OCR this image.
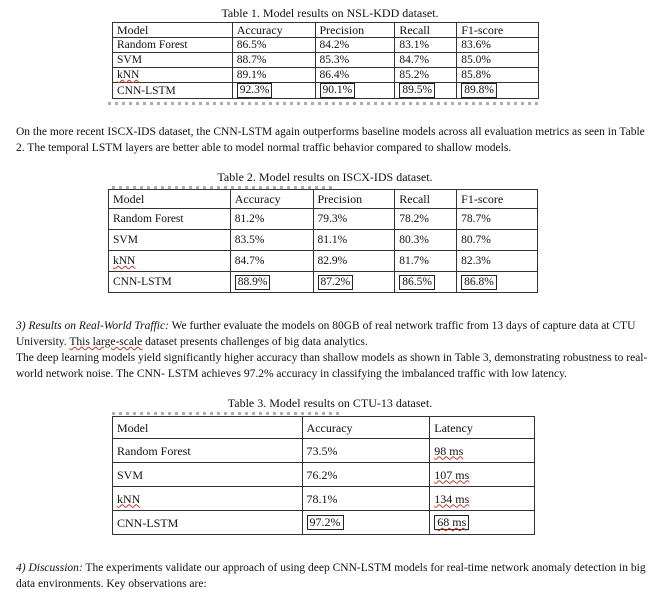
Table 1. Model results on NSL-KDD dataset.
Model	Accuracy	Precision	Recall	F1-score
Random Forest	86.5%	84.2%	83.1%	83.6%
SVM	88.7%	85.3%	84.7%	85.0%
kNN	89.1%	86.4%	85.2%	85.8%
CNN-LSTM	92.3%	90.1%	89.5%	89.8%

On the more recent ISCX-IDS dataset, the CNN-LSTM again outperforms baseline models across all evaluation metrics as seen in Table 2. The temporal LSTM layers are better able to model normal traffic behavior compared to shallow models.

Table 2. Model results on ISCX-IDS dataset.
Model	Accuracy	Precision	Recall	F1-score
Random Forest	81.2%	79.3%	78.2%	78.7%
SVM	83.5%	81.1%	80.3%	80.7%
kNN	84.7%	82.9%	81.7%	82.3%
CNN-LSTM	88.9%	87.2%	86.5%	86.8%

3) Results on Real-World Traffic: We further evaluate the models on 80GB of real network traffic from 13 days of capture data at CTU University. This large-scale dataset presents challenges of big data analytics.

The deep learning models yield significantly higher accuracy than shallow models as shown in Table 3, demonstrating robustness to real-world network noise. The CNN- LSTM achieves 97.2% accuracy in classifying the imbalanced traffic with low latency.

Table 3. Model results on CTU-13 dataset.
Model	Accuracy	Latency
Random Forest	73.5%	98 ms
SVM	76.2%	107 ms
kNN	78.1%	134 ms
CNN-LSTM	97.2%	68 ms

4) Discussion: The experiments validate our approach of using deep CNN-LSTM models for real-time network anomaly detection in big data environments. Key observations are:
